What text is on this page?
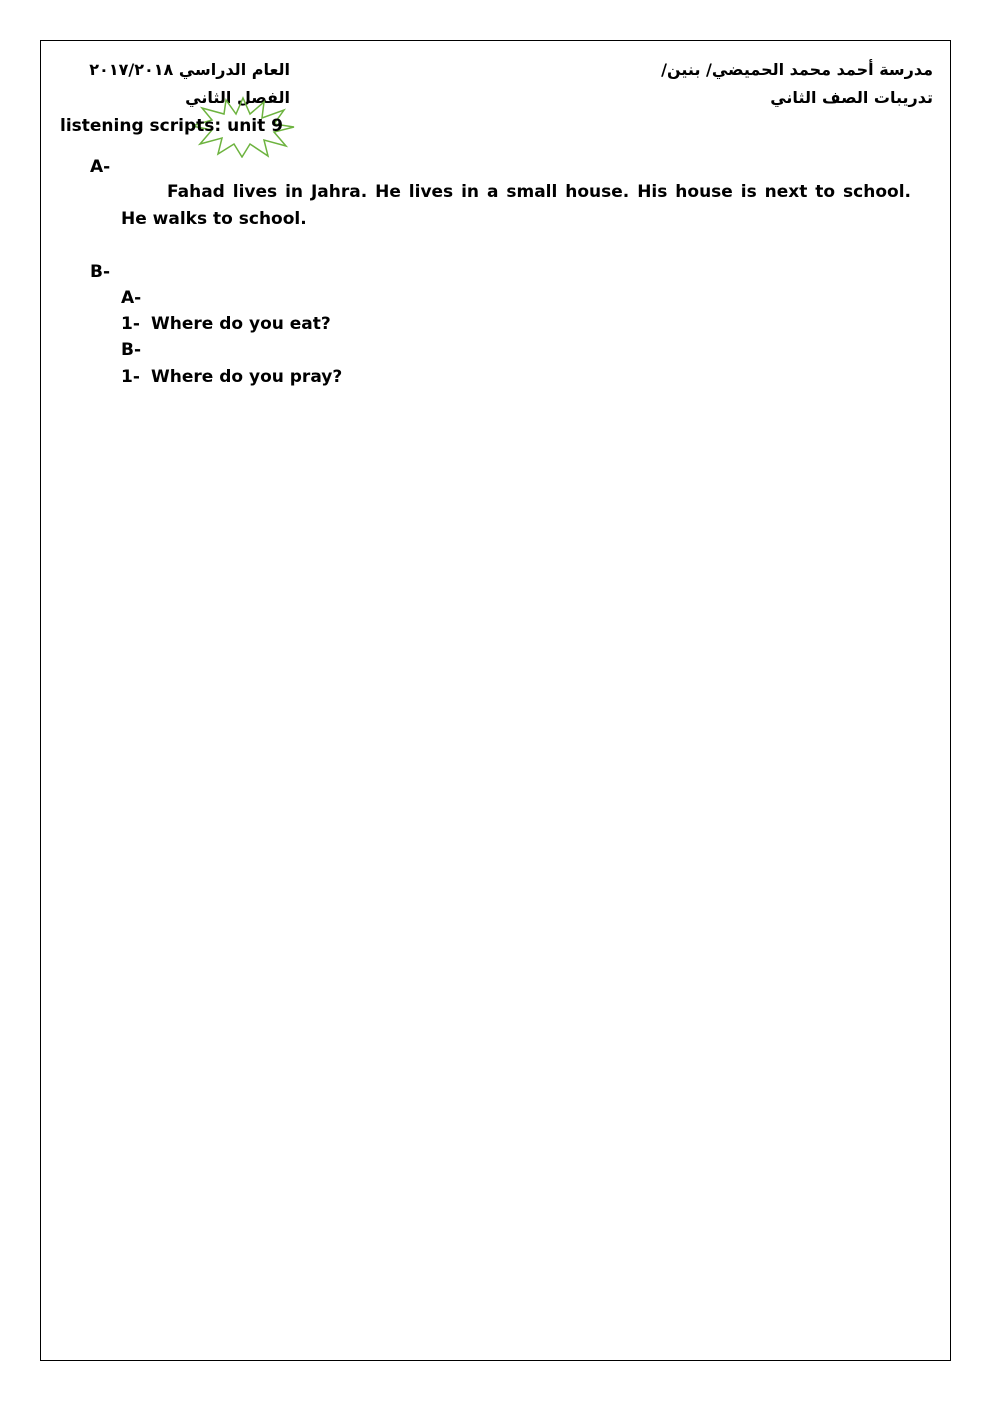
مدرسة أحمد محمد الحميضي/ بنين/
تدريبات الصف الثاني
العام الدراسي ٢٠١٧/٢٠١٨
الفصل الثاني
listening scripts: unit 9
A-
Fahad lives in Jahra. He lives in a small house. His house is next to school. He walks to school.
B-
A-
1- Where do you eat?
B-
1- Where do you pray?
